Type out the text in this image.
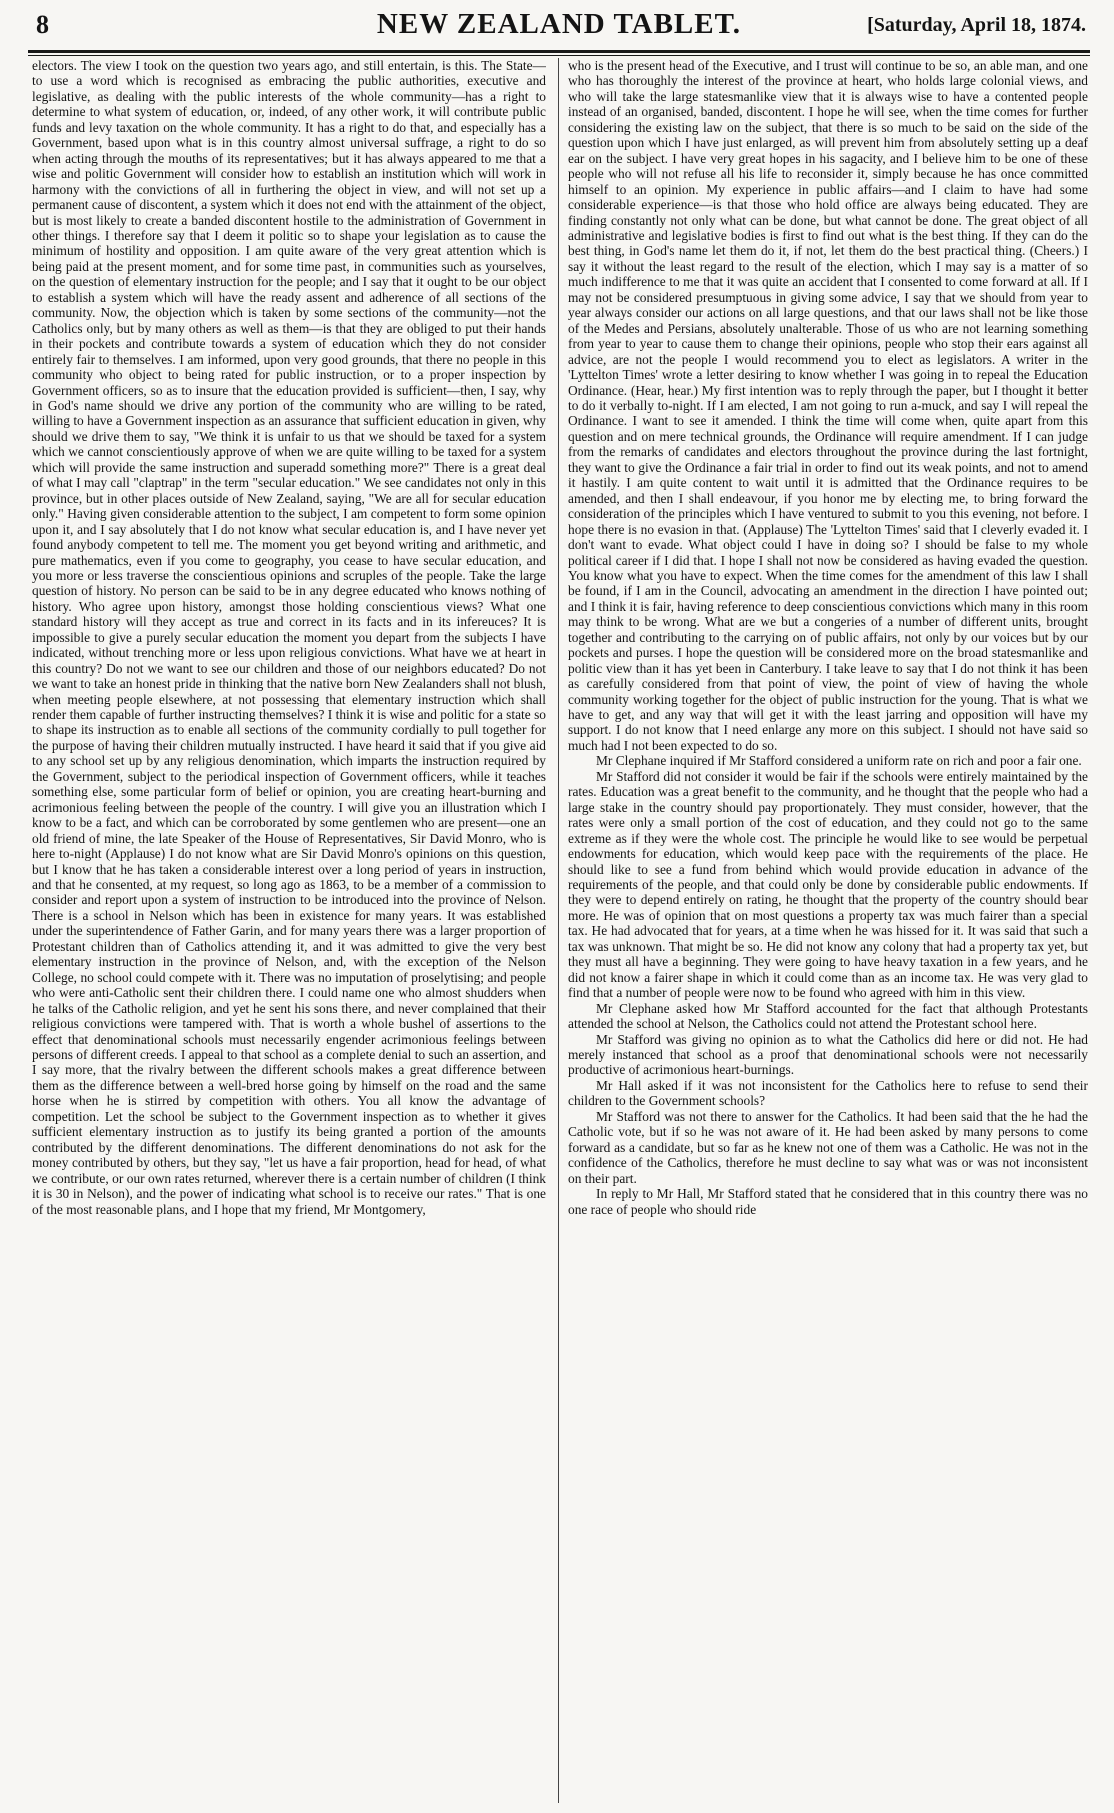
8	NEW ZEALAND TABLET.	[Saturday, April 18, 1874.

electors. The view I took on the question two years ago, and still entertain, is this. The State—to use a word which is recognised as embracing the public authorities, executive and legislative, as dealing with the public interests of the whole community—has a right to determine to what system of education, or, indeed, of any other work, it will contribute public funds and levy taxation on the whole community. It has a right to do that, and especially has a Government, based upon what is in this country almost universal suffrage, a right to do so when acting through the mouths of its representatives; but it has always appeared to me that a wise and politic Government will consider how to establish an institution which will work in harmony with the convictions of all in furthering the object in view, and will not set up a permanent cause of discontent, a system which it does not end with the attainment of the object, but is most likely to create a banded discontent hostile to the administration of Government in other things. I therefore say that I deem it politic so to shape your legislation as to cause the minimum of hostility and opposition. I am quite aware of the very great attention which is being paid at the present moment, and for some time past, in communities such as yourselves, on the question of elementary instruction for the people; and I say that it ought to be our object to establish a system which will have the ready assent and adherence of all sections of the community. Now, the objection which is taken by some sections of the community—not the Catholics only, but by many others as well as them—is that they are obliged to put their hands in their pockets and contribute towards a system of education which they do not consider entirely fair to themselves. I am informed, upon very good grounds, that there no people in this community who object to being rated for public instruction, or to a proper inspection by Government officers, so as to insure that the education provided is sufficient—then, I say, why in God's name should we drive any portion of the community who are willing to be rated, willing to have a Government inspection as an assurance that sufficient education in given, why should we drive them to say, "We think it is unfair to us that we should be taxed for a system which we cannot conscientiously approve of when we are quite willing to be taxed for a system which will provide the same instruction and superadd something more?" There is a great deal of what I may call "claptrap" in the term "secular education." We see candidates not only in this province, but in other places outside of New Zealand, saying, "We are all for secular education only." Having given considerable attention to the subject, I am competent to form some opinion upon it, and I say absolutely that I do not know what secular education is, and I have never yet found anybody competent to tell me. The moment you get beyond writing and arithmetic, and pure mathematics, even if you come to geography, you cease to have secular education, and you more or less traverse the conscientious opinions and scruples of the people. Take the large question of history. No person can be said to be in any degree educated who knows nothing of history. Who agree upon history, amongst those holding conscientious views? What one standard history will they accept as true and correct in its facts and in its infereuces? It is impossible to give a purely secular education the moment you depart from the subjects I have indicated, without trenching more or less upon religious convictions. What have we at heart in this country? Do not we want to see our children and those of our neighbors educated? Do not we want to take an honest pride in thinking that the native born New Zealanders shall not blush, when meeting people elsewhere, at not possessing that elementary instruction which shall render them capable of further instructing themselves? I think it is wise and politic for a state so to shape its instruction as to enable all sections of the community cordially to pull together for the purpose of having their children mutually instructed. I have heard it said that if you give aid to any school set up by any religious denomination, which imparts the instruction required by the Government, subject to the periodical inspection of Government officers, while it teaches something else, some particular form of belief or opinion, you are creating heart-burning and acrimonious feeling between the people of the country. I will give you an illustration which I know to be a fact, and which can be corroborated by some gentlemen who are present—one an old friend of mine, the late Speaker of the House of Representatives, Sir David Monro, who is here to-night (Applause) I do not know what are Sir David Monro's opinions on this question, but I know that he has taken a considerable interest over a long period of years in instruction, and that he consented, at my request, so long ago as 1863, to be a member of a commission to consider and report upon a system of instruction to be introduced into the province of Nelson. There is a school in Nelson which has been in existence for many years. It was established under the superintendence of Father Garin, and for many years there was a larger proportion of Protestant children than of Catholics attending it, and it was admitted to give the very best elementary instruction in the province of Nelson, and, with the exception of the Nelson College, no school could compete with it. There was no imputation of proselytising; and people who were anti-Catholic sent their children there. I could name one who almost shudders when he talks of the Catholic religion, and yet he sent his sons there, and never complained that their religious convictions were tampered with. That is worth a whole bushel of assertions to the effect that denominational schools must necessarily engender acrimonious feelings between persons of different creeds. I appeal to that school as a complete denial to such an assertion, and I say more, that the rivalry between the different schools makes a great difference between them as the difference between a well-bred horse going by himself on the road and the same horse when he is stirred by competition with others. You all know the advantage of competition. Let the school be subject to the Government inspection as to whether it gives sufficient elementary instruction as to justify its being granted a portion of the amounts contributed by the different denominations. The different denominations do not ask for the money contributed by others, but they say, "let us have a fair proportion, head for head, of what we contribute, or our own rates returned, wherever there is a certain number of children (I think it is 30 in Nelson), and the power of indicating what school is to receive our rates." That is one of the most reasonable plans, and I hope that my friend, Mr Montgomery,

who is the present head of the Executive, and I trust will continue to be so, an able man, and one who has thoroughly the interest of the province at heart, who holds large colonial views, and who will take the large statesmanlike view that it is always wise to have a contented people instead of an organised, banded, discontent. I hope he will see, when the time comes for further considering the existing law on the subject, that there is so much to be said on the side of the question upon which I have just enlarged, as will prevent him from absolutely setting up a deaf ear on the subject. I have very great hopes in his sagacity, and I believe him to be one of these people who will not refuse all his life to reconsider it, simply because he has once committed himself to an opinion. My experience in public affairs—and I claim to have had some considerable experience—is that those who hold office are always being educated. They are finding constantly not only what can be done, but what cannot be done. The great object of all administrative and legislative bodies is first to find out what is the best thing. If they can do the best thing, in God's name let them do it, if not, let them do the best practical thing. (Cheers.) I say it without the least regard to the result of the election, which I may say is a matter of so much indifference to me that it was quite an accident that I consented to come forward at all. If I may not be considered presumptuous in giving some advice, I say that we should from year to year always consider our actions on all large questions, and that our laws shall not be like those of the Medes and Persians, absolutely unalterable. Those of us who are not learning something from year to year to cause them to change their opinions, people who stop their ears against all advice, are not the people I would recommend you to elect as legislators. A writer in the 'Lyttelton Times' wrote a letter desiring to know whether I was going in to repeal the Education Ordinance. (Hear, hear.) My first intention was to reply through the paper, but I thought it better to do it verbally to-night. If I am elected, I am not going to run a-muck, and say I will repeal the Ordinance. I want to see it amended. I think the time will come when, quite apart from this question and on mere technical grounds, the Ordinance will require amendment. If I can judge from the remarks of candidates and electors throughout the province during the last fortnight, they want to give the Ordinance a fair trial in order to find out its weak points, and not to amend it hastily. I am quite content to wait until it is admitted that the Ordinance requires to be amended, and then I shall endeavour, if you honor me by electing me, to bring forward the consideration of the principles which I have ventured to submit to you this evening, not before. I hope there is no evasion in that. (Applause) The 'Lyttelton Times' said that I cleverly evaded it. I don't want to evade. What object could I have in doing so? I should be false to my whole political career if I did that. I hope I shall not now be considered as having evaded the question. You know what you have to expect. When the time comes for the amendment of this law I shall be found, if I am in the Council, advocating an amendment in the direction I have pointed out; and I think it is fair, having reference to deep conscientious convictions which many in this room may think to be wrong. What are we but a congeries of a number of different units, brought together and contributing to the carrying on of public affairs, not only by our voices but by our pockets and purses. I hope the question will be considered more on the broad statesmanlike and politic view than it has yet been in Canterbury. I take leave to say that I do not think it has been as carefully considered from that point of view, the point of view of having the whole community working together for the object of public instruction for the young. That is what we have to get, and any way that will get it with the least jarring and opposition will have my support. I do not know that I need enlarge any more on this subject. I should not have said so much had I not been expected to do so.

Mr Clephane inquired if Mr Stafford considered a uniform rate on rich and poor a fair one.

Mr Stafford did not consider it would be fair if the schools were entirely maintained by the rates. Education was a great benefit to the community, and he thought that the people who had a large stake in the country should pay proportionately. They must consider, however, that the rates were only a small portion of the cost of education, and they could not go to the same extreme as if they were the whole cost. The principle he would like to see would be perpetual endowments for education, which would keep pace with the requirements of the place. He should like to see a fund from behind which would provide education in advance of the requirements of the people, and that could only be done by considerable public endowments. If they were to depend entirely on rating, he thought that the property of the country should bear more. He was of opinion that on most questions a property tax was much fairer than a special tax. He had advocated that for years, at a time when he was hissed for it. It was said that such a tax was unknown. That might be so. He did not know any colony that had a property tax yet, but they must all have a beginning. They were going to have heavy taxation in a few years, and he did not know a fairer shape in which it could come than as an income tax. He was very glad to find that a number of people were now to be found who agreed with him in this view.

Mr Clephane asked how Mr Stafford accounted for the fact that although Protestants attended the school at Nelson, the Catholics could not attend the Protestant school here.

Mr Stafford was giving no opinion as to what the Catholics did here or did not. He had merely instanced that school as a proof that denominational schools were not necessarily productive of acrimonious heart-burnings.

Mr Hall asked if it was not inconsistent for the Catholics here to refuse to send their children to the Government schools?

Mr Stafford was not there to answer for the Catholics. It had been said that the he had the Catholic vote, but if so he was not aware of it. He had been asked by many persons to come forward as a candidate, but so far as he knew not one of them was a Catholic. He was not in the confidence of the Catholics, therefore he must decline to say what was or was not inconsistent on their part.

In reply to Mr Hall, Mr Stafford stated that he considered that in this country there was no one race of people who should ride
